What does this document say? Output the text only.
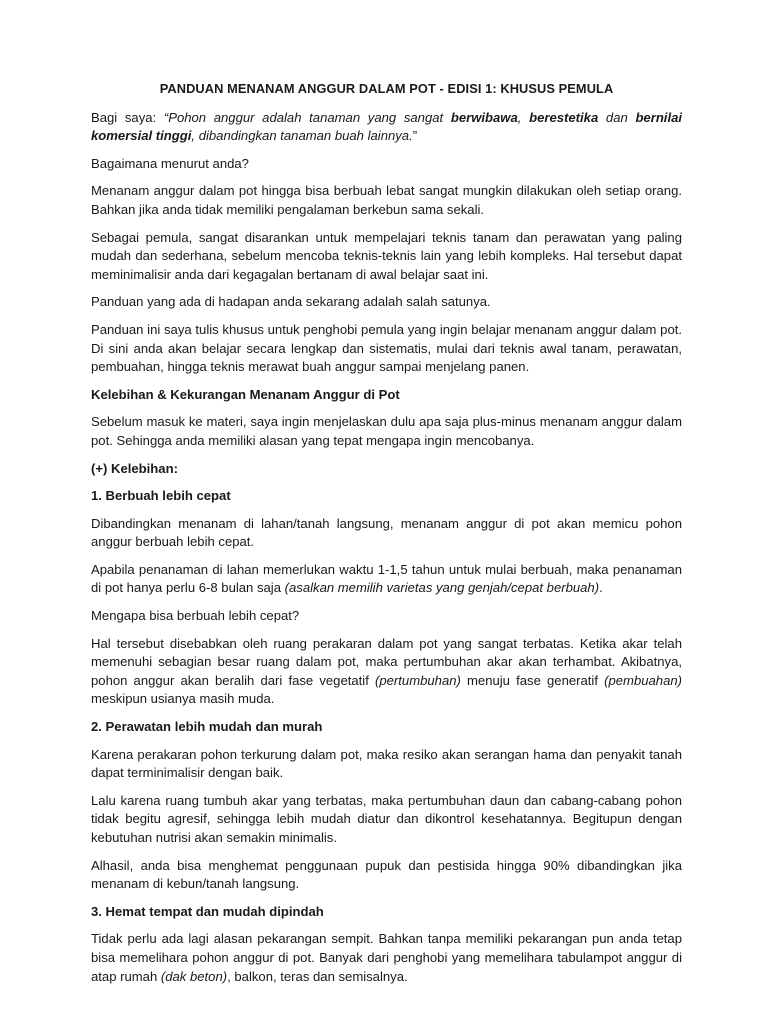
PANDUAN MENANAM ANGGUR DALAM POT - EDISI 1: KHUSUS PEMULA

Bagi saya: “Pohon anggur adalah tanaman yang sangat berwibawa, berestetika dan bernilai komersial tinggi, dibandingkan tanaman buah lainnya.”

Bagaimana menurut anda?

Menanam anggur dalam pot hingga bisa berbuah lebat sangat mungkin dilakukan oleh setiap orang. Bahkan jika anda tidak memiliki pengalaman berkebun sama sekali.

Sebagai pemula, sangat disarankan untuk mempelajari teknis tanam dan perawatan yang paling mudah dan sederhana, sebelum mencoba teknis-teknis lain yang lebih kompleks. Hal tersebut dapat meminimalisir anda dari kegagalan bertanam di awal belajar saat ini.

Panduan yang ada di hadapan anda sekarang adalah salah satunya.

Panduan ini saya tulis khusus untuk penghobi pemula yang ingin belajar menanam anggur dalam pot. Di sini anda akan belajar secara lengkap dan sistematis, mulai dari teknis awal tanam, perawatan, pembuahan, hingga teknis merawat buah anggur sampai menjelang panen.

Kelebihan & Kekurangan Menanam Anggur di Pot

Sebelum masuk ke materi, saya ingin menjelaskan dulu apa saja plus-minus menanam anggur dalam pot. Sehingga anda memiliki alasan yang tepat mengapa ingin mencobanya.

(+) Kelebihan:

1. Berbuah lebih cepat

Dibandingkan menanam di lahan/tanah langsung, menanam anggur di pot akan memicu pohon anggur berbuah lebih cepat.

Apabila penanaman di lahan memerlukan waktu 1-1,5 tahun untuk mulai berbuah, maka penanaman di pot hanya perlu 6-8 bulan saja (asalkan memilih varietas yang genjah/cepat berbuah).

Mengapa bisa berbuah lebih cepat?

Hal tersebut disebabkan oleh ruang perakaran dalam pot yang sangat terbatas. Ketika akar telah memenuhi sebagian besar ruang dalam pot, maka pertumbuhan akar akan terhambat. Akibatnya, pohon anggur akan beralih dari fase vegetatif (pertumbuhan) menuju fase generatif (pembuahan) meskipun usianya masih muda.

2. Perawatan lebih mudah dan murah

Karena perakaran pohon terkurung dalam pot, maka resiko akan serangan hama dan penyakit tanah dapat terminimalisir dengan baik.

Lalu karena ruang tumbuh akar yang terbatas, maka pertumbuhan daun dan cabang-cabang pohon tidak begitu agresif, sehingga lebih mudah diatur dan dikontrol kesehatannya. Begitupun dengan kebutuhan nutrisi akan semakin minimalis.

Alhasil, anda bisa menghemat penggunaan pupuk dan pestisida hingga 90% dibandingkan jika menanam di kebun/tanah langsung.

3. Hemat tempat dan mudah dipindah

Tidak perlu ada lagi alasan pekarangan sempit. Bahkan tanpa memiliki pekarangan pun anda tetap bisa memelihara pohon anggur di pot. Banyak dari penghobi yang memelihara tabulampot anggur di atap rumah (dak beton), balkon, teras dan semisalnya.
